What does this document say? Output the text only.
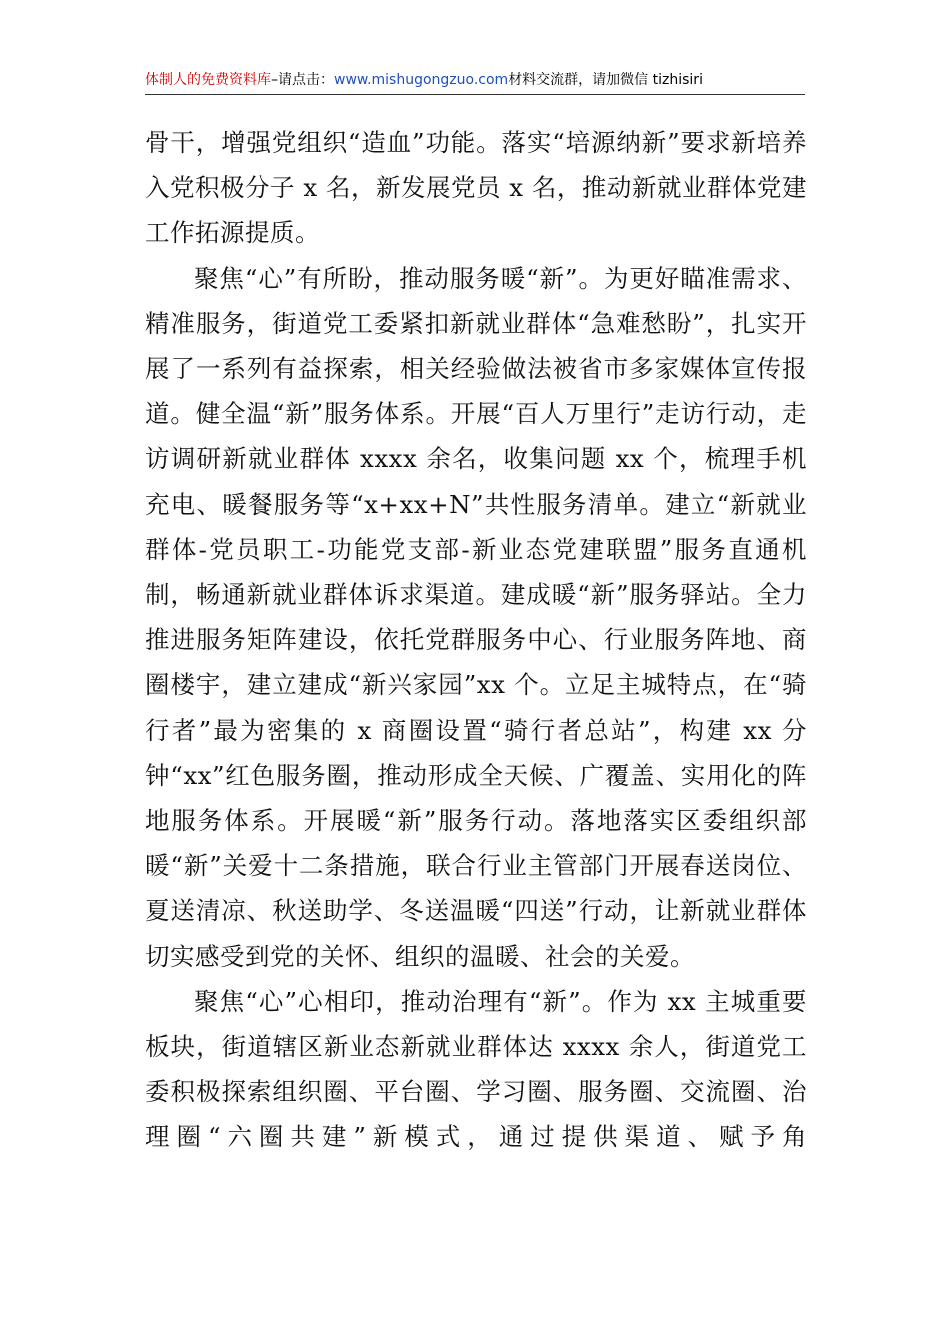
体制人的免费资料库–请点击：www.mishugongzuo.com材料交流群，请加微信 tizhisiri

骨干，增强党组织“造血”功能。落实“培源纳新”要求新培养入党积极分子 x 名，新发展党员 x 名，推动新就业群体党建工作拓源提质。

聚焦“心”有所盼，推动服务暖“新”。为更好瞄准需求、精准服务，街道党工委紧扣新就业群体“急难愁盼”，扎实开展了一系列有益探索，相关经验做法被省市多家媒体宣传报道。健全温“新”服务体系。开展“百人万里行”走访行动，走访调研新就业群体 xxxx 余名，收集问题 xx 个，梳理手机充电、暖餐服务等“x+xx+N”共性服务清单。建立“新就业群体-党员职工-功能党支部-新业态党建联盟”服务直通机制，畅通新就业群体诉求渠道。建成暖“新”服务驿站。全力推进服务矩阵建设，依托党群服务中心、行业服务阵地、商圈楼宇，建立建成“新兴家园”xx 个。立足主城特点，在“骑行者”最为密集的 x 商圈设置“骑行者总站”，构建 xx 分钟“xx”红色服务圈，推动形成全天候、广覆盖、实用化的阵地服务体系。开展暖“新”服务行动。落地落实区委组织部暖“新”关爱十二条措施，联合行业主管部门开展春送岗位、夏送清凉、秋送助学、冬送温暖“四送”行动，让新就业群体切实感受到党的关怀、组织的温暖、社会的关爱。

聚焦“心”心相印，推动治理有“新”。作为 xx 主城重要板块，街道辖区新业态新就业群体达 xxxx 余人，街道党工委积极探索组织圈、平台圈、学习圈、服务圈、交流圈、治理圈“六圈共建”新模式，通过提供渠道、赋予角
